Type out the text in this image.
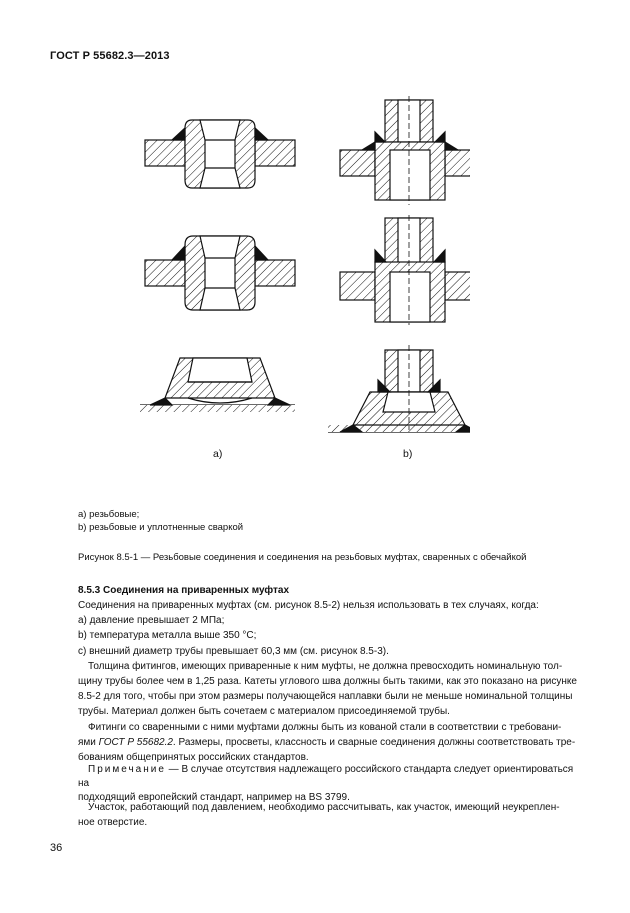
ГОСТ Р 55682.3—2013
а)	b)
а) резьбовые;
b) резьбовые и уплотненные сваркой
Рисунок 8.5-1 — Резьбовые соединения и соединения на резьбовых муфтах, сваренных с обечайкой
8.5.3 Соединения на приваренных муфтах
Соединения на приваренных муфтах (см. рисунок 8.5-2) нельзя использовать в тех случаях, когда:
а) давление превышает 2 МПа;
b) температура металла выше 350 °С;
с) внешний диаметр трубы превышает 60,3 мм (см. рисунок 8.5-3).
Толщина фитингов, имеющих приваренные к ним муфты, не должна превосходить номинальную тол-
щину трубы более чем в 1,25 раза. Катеты углового шва должны быть такими, как это показано на рисунке
8.5-2 для того, чтобы при этом размеры получающейся наплавки были не меньше номинальной толщины
трубы. Материал должен быть сочетаем с материалом присоединяемой трубы.
Фитинги со сваренными с ними муфтами должны быть из кованой стали в соответствии с требовани-
ями ГОСТ Р 55682.2. Размеры, просветы, классность и сварные соединения должны соответствовать тре-
бованиям общепринятых российских стандартов.
Примечание — В случае отсутствия надлежащего российского стандарта следует ориентироваться на
подходящий европейский стандарт, например на BS 3799.
Участок, работающий под давлением, необходимо рассчитывать, как участок, имеющий неукреплен-
ное отверстие.
36
